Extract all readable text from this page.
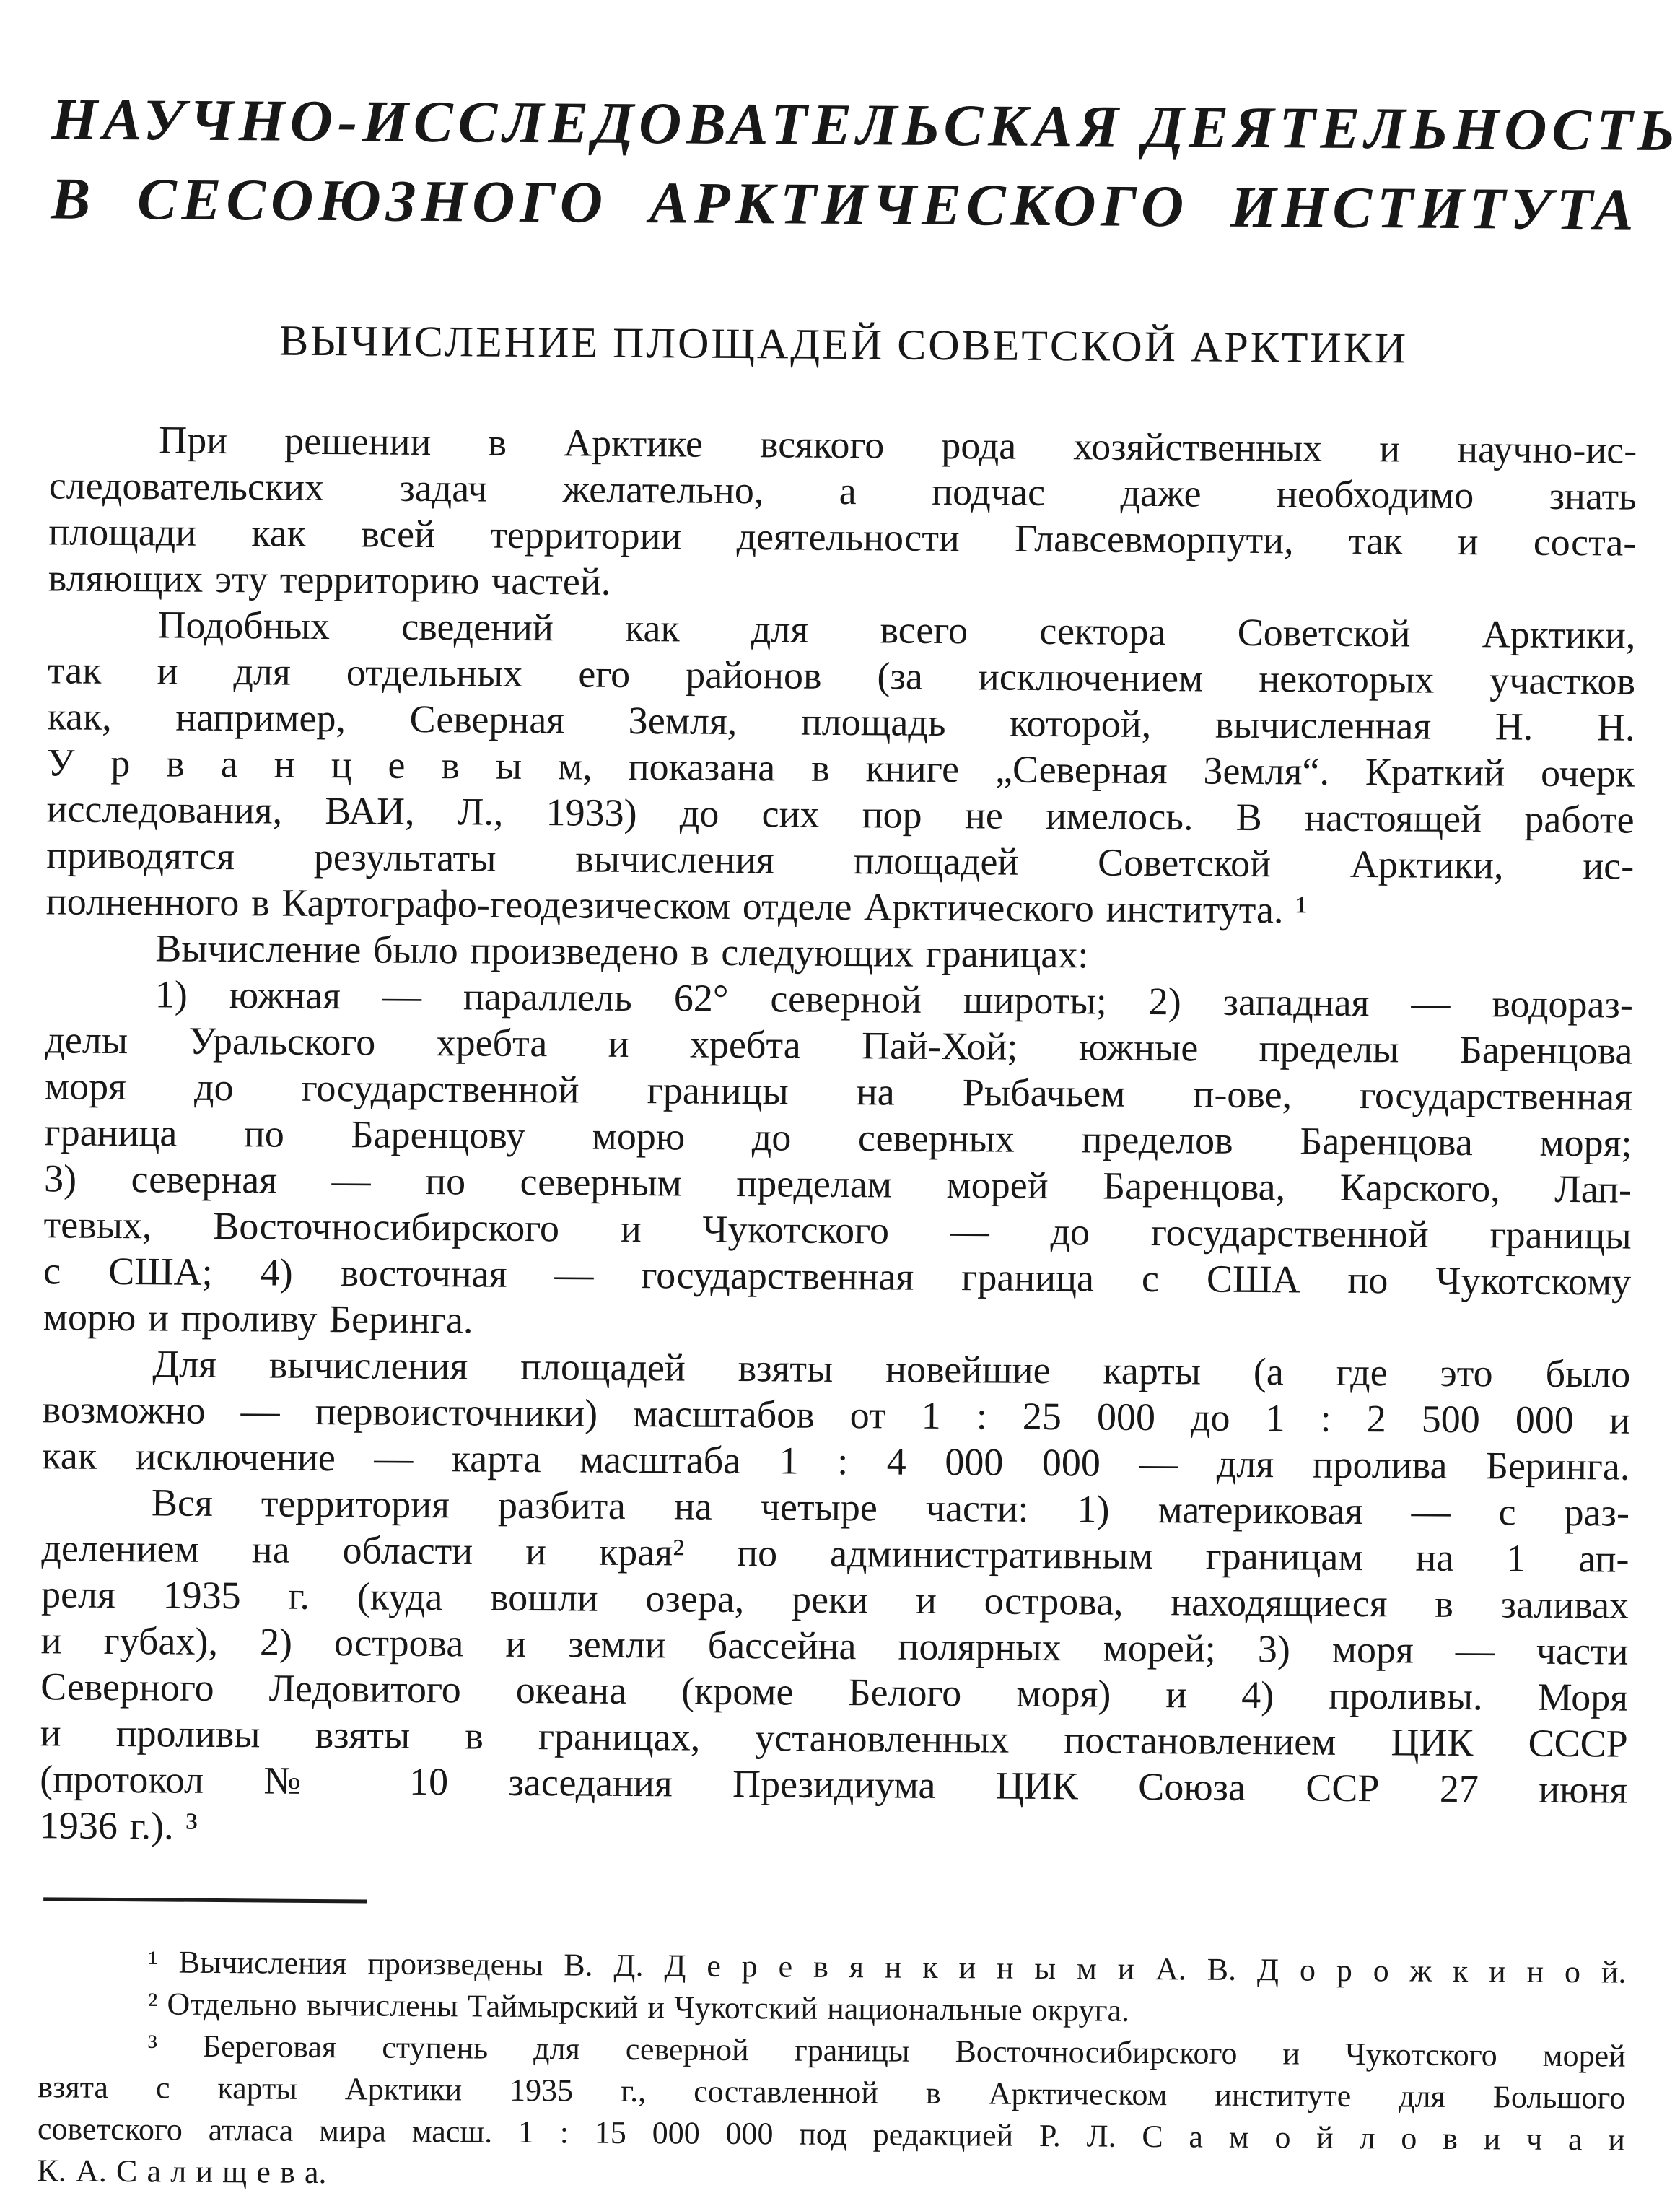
НАУЧНО-ИССЛЕДОВАТЕЛЬСКАЯ ДЕЯТЕЛЬНОСТЬ
В СЕСОЮЗНОГО АРКТИЧЕСКОГО ИНСТИТУТА
ВЫЧИСЛЕНИЕ ПЛОЩАДЕЙ СОВЕТСКОЙ АРКТИКИ
При решении в Арктике всякого рода хозяйственных и научно-ис-
следовательских задач желательно, а подчас даже необходимо знать
площади как всей территории деятельности Главсевморпути, так и соста-
вляющих эту территорию частей.
Подобных сведений как для всего сектора Советской Арктики,
так и для отдельных его районов (за исключением некоторых участков
как, например, Северная Земля, площадь которой, вычисленная Н. Н.
У р в а н ц е в ы м, показана в книге „Северная Земля“. Краткий очерк
исследования, ВАИ, Л., 1933) до сих пор не имелось. В настоящей работе
приводятся результаты вычисления площадей Советской Арктики, ис-
полненного в Картографо-геодезическом отделе Арктического института. ¹
Вычисление было произведено в следующих границах:
1) южная — параллель 62° северной широты; 2) западная — водораз-
делы Уральского хребта и хребта Пай-Хой; южные пределы Баренцова
моря до государственной границы на Рыбачьем п-ове, государственная
граница по Баренцову морю до северных пределов Баренцова моря;
3) северная — по северным пределам морей Баренцова, Карского, Лап-
тевых, Восточносибирского и Чукотского — до государственной границы
с США; 4) восточная — государственная граница с США по Чукотскому
морю и проливу Беринга.
Для вычисления площадей взяты новейшие карты (а где это было
возможно — первоисточники) масштабов от 1 : 25 000 до 1 : 2 500 000 и
как исключение — карта масштаба 1 : 4 000 000 — для пролива Беринга.
Вся территория разбита на четыре части: 1) материковая — с раз-
делением на области и края² по административным границам на 1 ап-
реля 1935 г. (куда вошли озера, реки и острова, находящиеся в заливах
и губах), 2) острова и земли бассейна полярных морей; 3) моря — части
Северного Ледовитого океана (кроме Белого моря) и 4) проливы. Моря
и проливы взяты в границах, установленных постановлением ЦИК СССР
(протокол № 10 заседания Президиума ЦИК Союза ССР 27 июня
1936 г.). ³
¹ Вычисления произведены В. Д. Д е р е в я н к и н ы м и А. В. Д о р о ж к и н о й.
² Отдельно вычислены Таймырский и Чукотский национальные округа.
³ Береговая ступень для северной границы Восточносибирского и Чукотского морей
взята с карты Арктики 1935 г., составленной в Арктическом институте для Большого
советского атласа мира масш. 1 : 15 000 000 под редакцией Р. Л. С а м о й л о в и ч а и
К. А. С а л и щ е в а.
